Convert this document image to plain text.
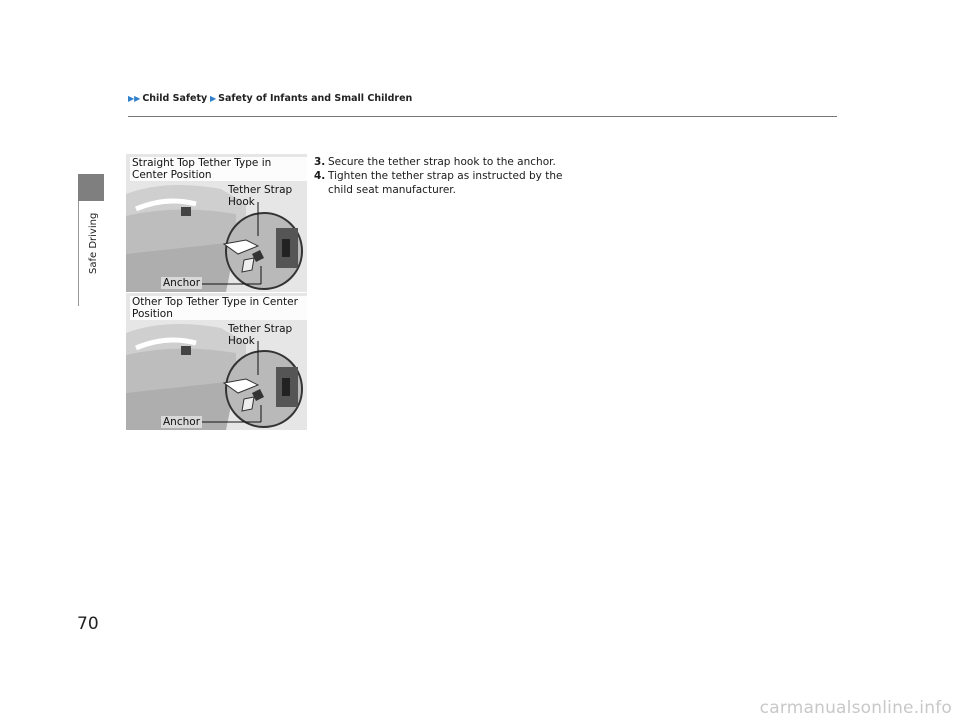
▶▶ Child Safety ▶ Safety of Infants and Small Children
Safe Driving
Straight Top Tether Type in Center Position
Tether Strap Hook
Anchor
Other Top Tether Type in Center Position
Tether Strap Hook
Anchor
3. Secure the tether strap hook to the anchor.
4. Tighten the tether strap as instructed by the child seat manufacturer.
70
carmanualsonline.info
